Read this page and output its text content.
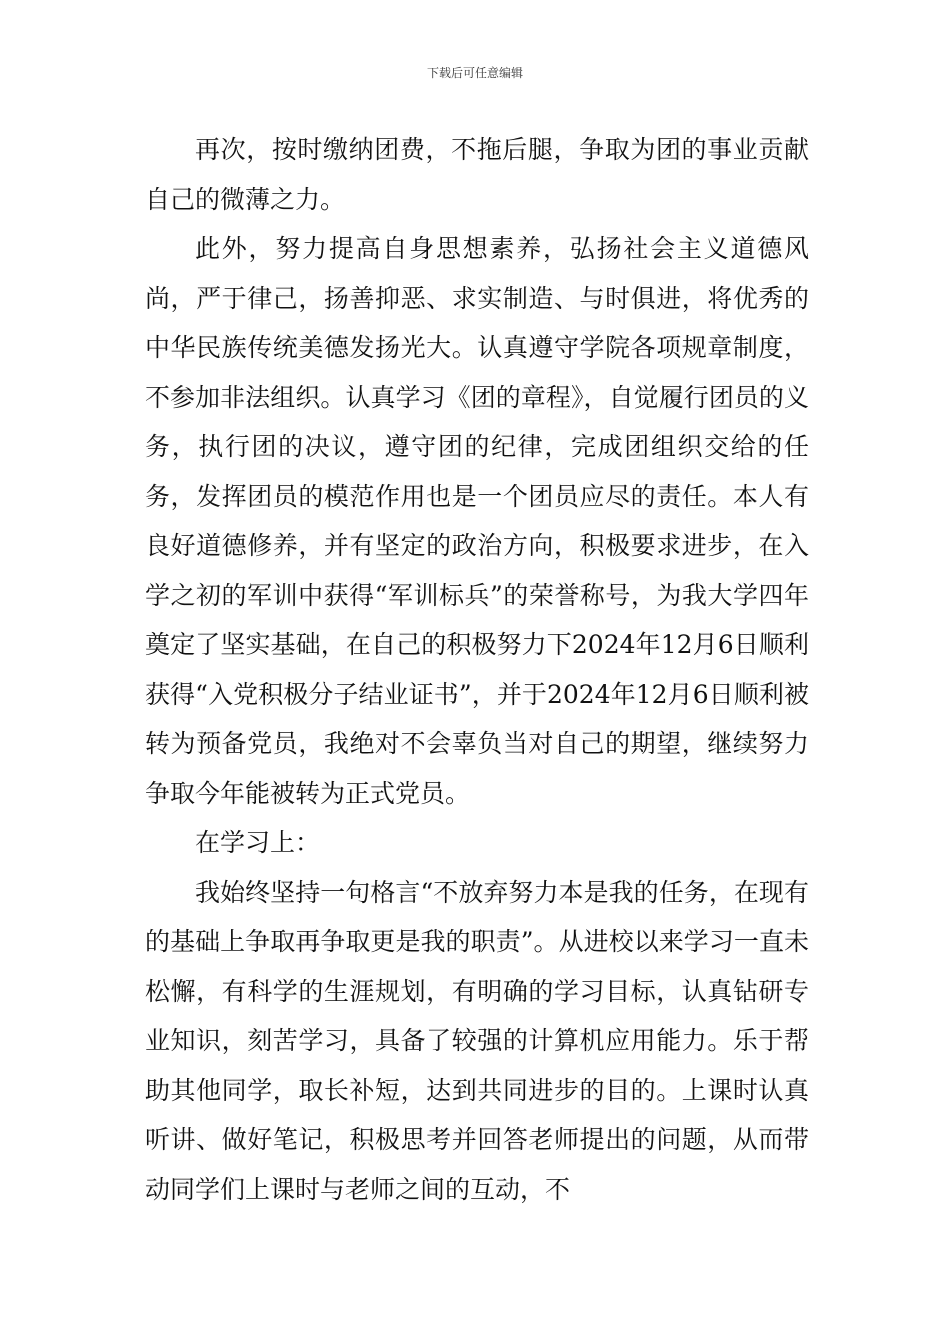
下载后可任意编辑

再次，按时缴纳团费，不拖后腿，争取为团的事业贡献自己的微薄之力。

此外，努力提高自身思想素养，弘扬社会主义道德风尚，严于律己，扬善抑恶、求实制造、与时俱进，将优秀的中华民族传统美德发扬光大。认真遵守学院各项规章制度，不参加非法组织。认真学习《团的章程》，自觉履行团员的义务，执行团的决议，遵守团的纪律，完成团组织交给的任务，发挥团员的模范作用也是一个团员应尽的责任。本人有良好道德修养，并有坚定的政治方向，积极要求进步，在入学之初的军训中获得“军训标兵”的荣誉称号，为我大学四年奠定了坚实基础，在自己的积极努力下2024年12月6日顺利获得“入党积极分子结业证书”，并于2024年12月6日顺利被转为预备党员，我绝对不会辜负当对自己的期望，继续努力争取今年能被转为正式党员。

在学习上：

我始终坚持一句格言“不放弃努力本是我的任务，在现有的基础上争取再争取更是我的职责”。从进校以来学习一直未松懈，有科学的生涯规划，有明确的学习目标，认真钻研专业知识，刻苦学习，具备了较强的计算机应用能力。乐于帮助其他同学，取长补短，达到共同进步的目的。上课时认真听讲、做好笔记，积极思考并回答老师提出的问题，从而带动同学们上课时与老师之间的互动，不
